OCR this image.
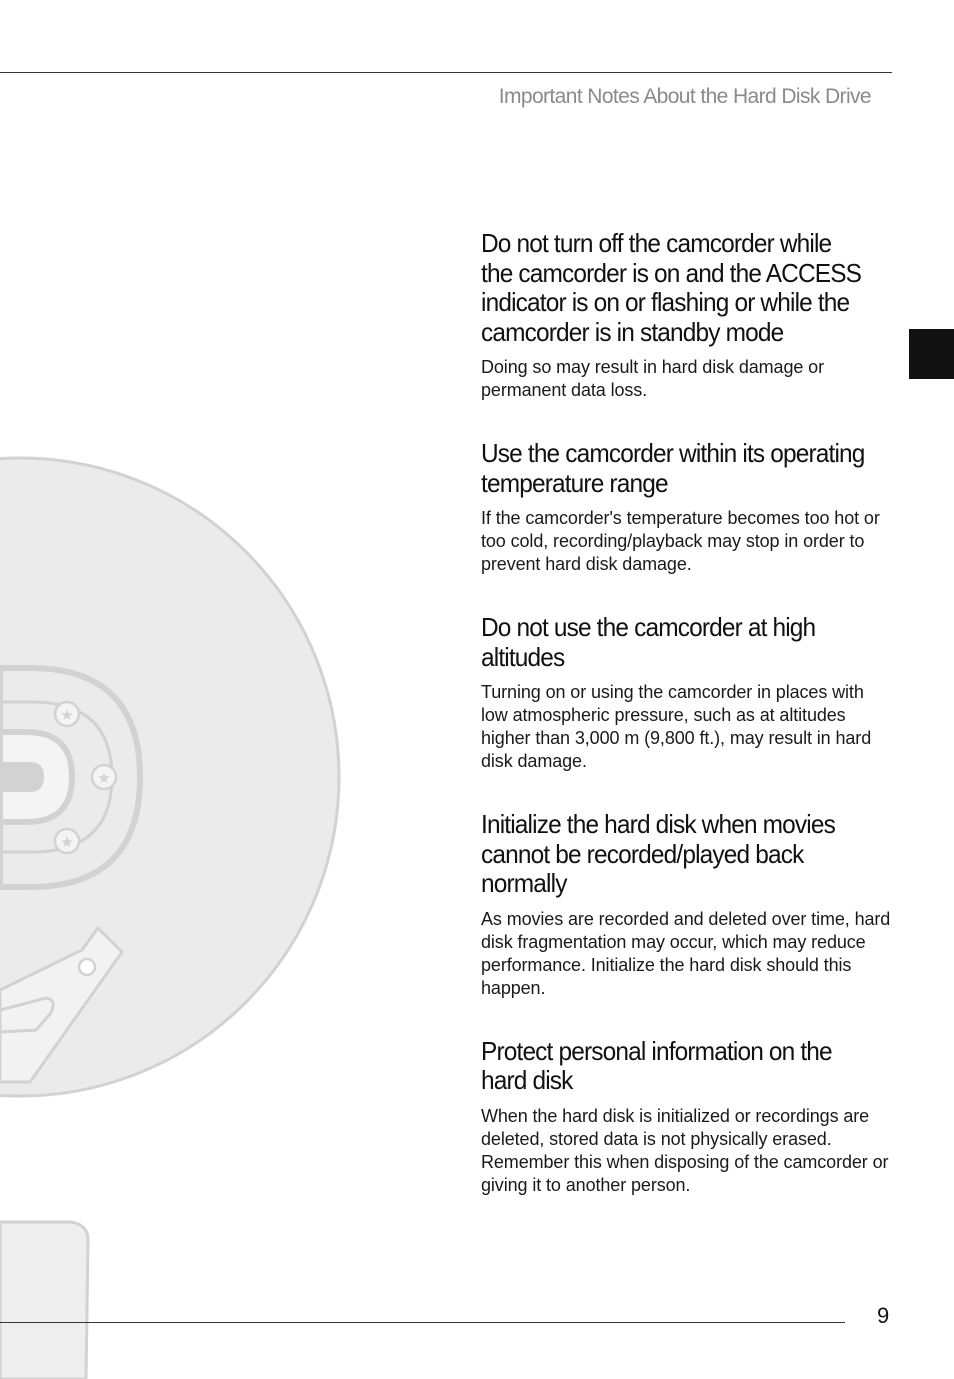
Important Notes About the Hard Disk Drive
★
★
★
Do not turn off the camcorder while the camcorder is on and the ACCESS indicator is on or flashing or while the camcorder is in standby mode

Doing so may result in hard disk damage or permanent data loss.

Use the camcorder within its operating temperature range

If the camcorder's temperature becomes too hot or too cold, recording/playback may stop in order to prevent hard disk damage.

Do not use the camcorder at high altitudes

Turning on or using the camcorder in places with low atmospheric pressure, such as at altitudes higher than 3,000 m (9,800 ft.), may result in hard disk damage.

Initialize the hard disk when movies cannot be recorded/played back normally

As movies are recorded and deleted over time, hard disk fragmentation may occur, which may reduce performance. Initialize the hard disk should this happen.

Protect personal information on the hard disk

When the hard disk is initialized or recordings are deleted, stored data is not physically erased. Remember this when disposing of the camcorder or giving it to another person.

9
